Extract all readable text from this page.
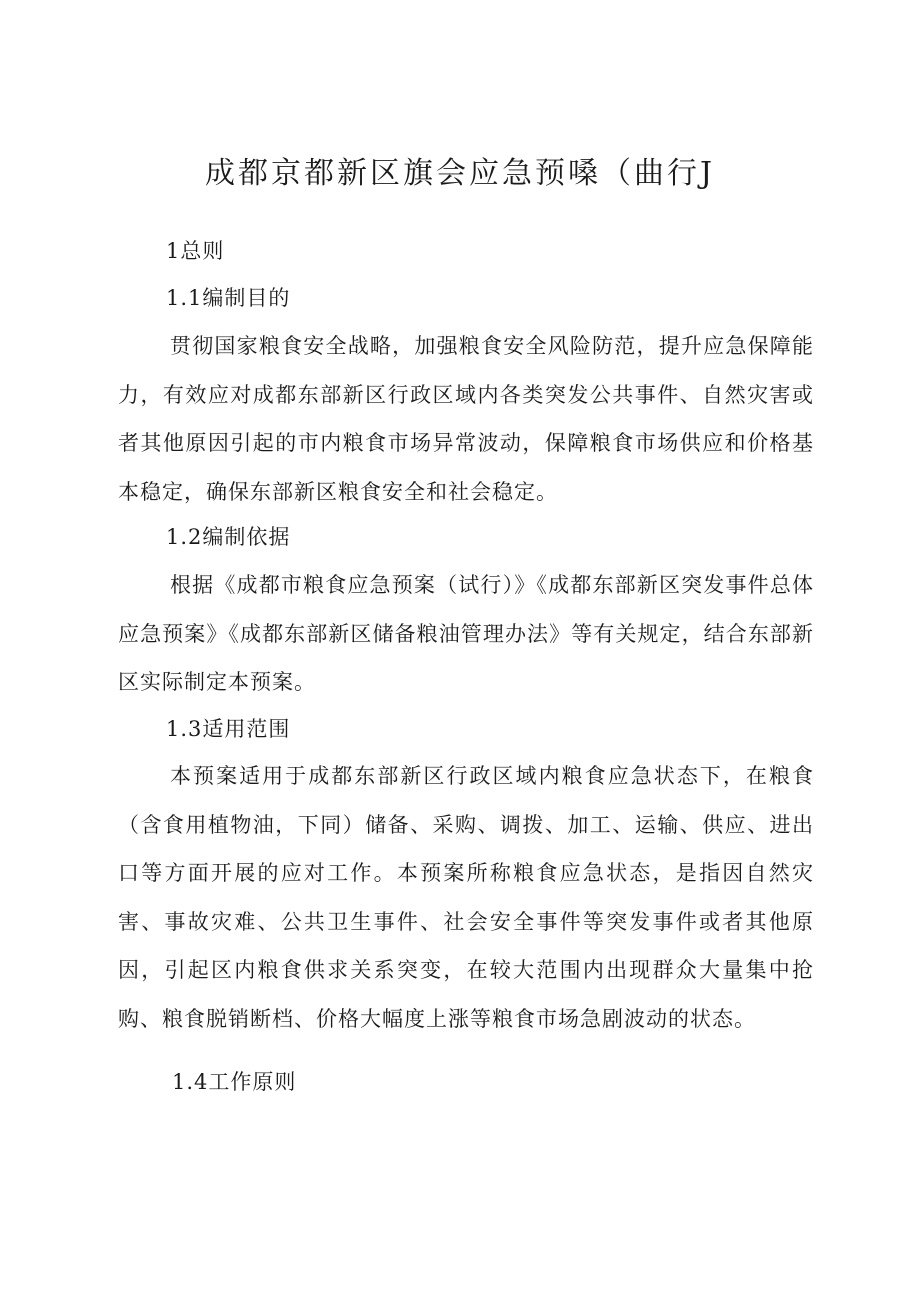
成都京都新区旗会应急预嗓（曲行J
1总则
1.1编制目的
贯彻国家粮食安全战略，加强粮食安全风险防范，提升应急保障能力，有效应对成都东部新区行政区域内各类突发公共事件、自然灾害或者其他原因引起的市内粮食市场异常波动，保障粮食市场供应和价格基本稳定，确保东部新区粮食安全和社会稳定。
1.2编制依据
根据《成都市粮食应急预案（试行）》《成都东部新区突发事件总体应急预案》《成都东部新区储备粮油管理办法》等有关规定，结合东部新区实际制定本预案。
1.3适用范围
本预案适用于成都东部新区行政区域内粮食应急状态下，在粮食（含食用植物油，下同）储备、采购、调拨、加工、运输、供应、进出口等方面开展的应对工作。本预案所称粮食应急状态，是指因自然灾害、事故灾难、公共卫生事件、社会安全事件等突发事件或者其他原因，引起区内粮食供求关系突变，在较大范围内出现群众大量集中抢购、粮食脱销断档、价格大幅度上涨等粮食市场急剧波动的状态。
1.4工作原则
